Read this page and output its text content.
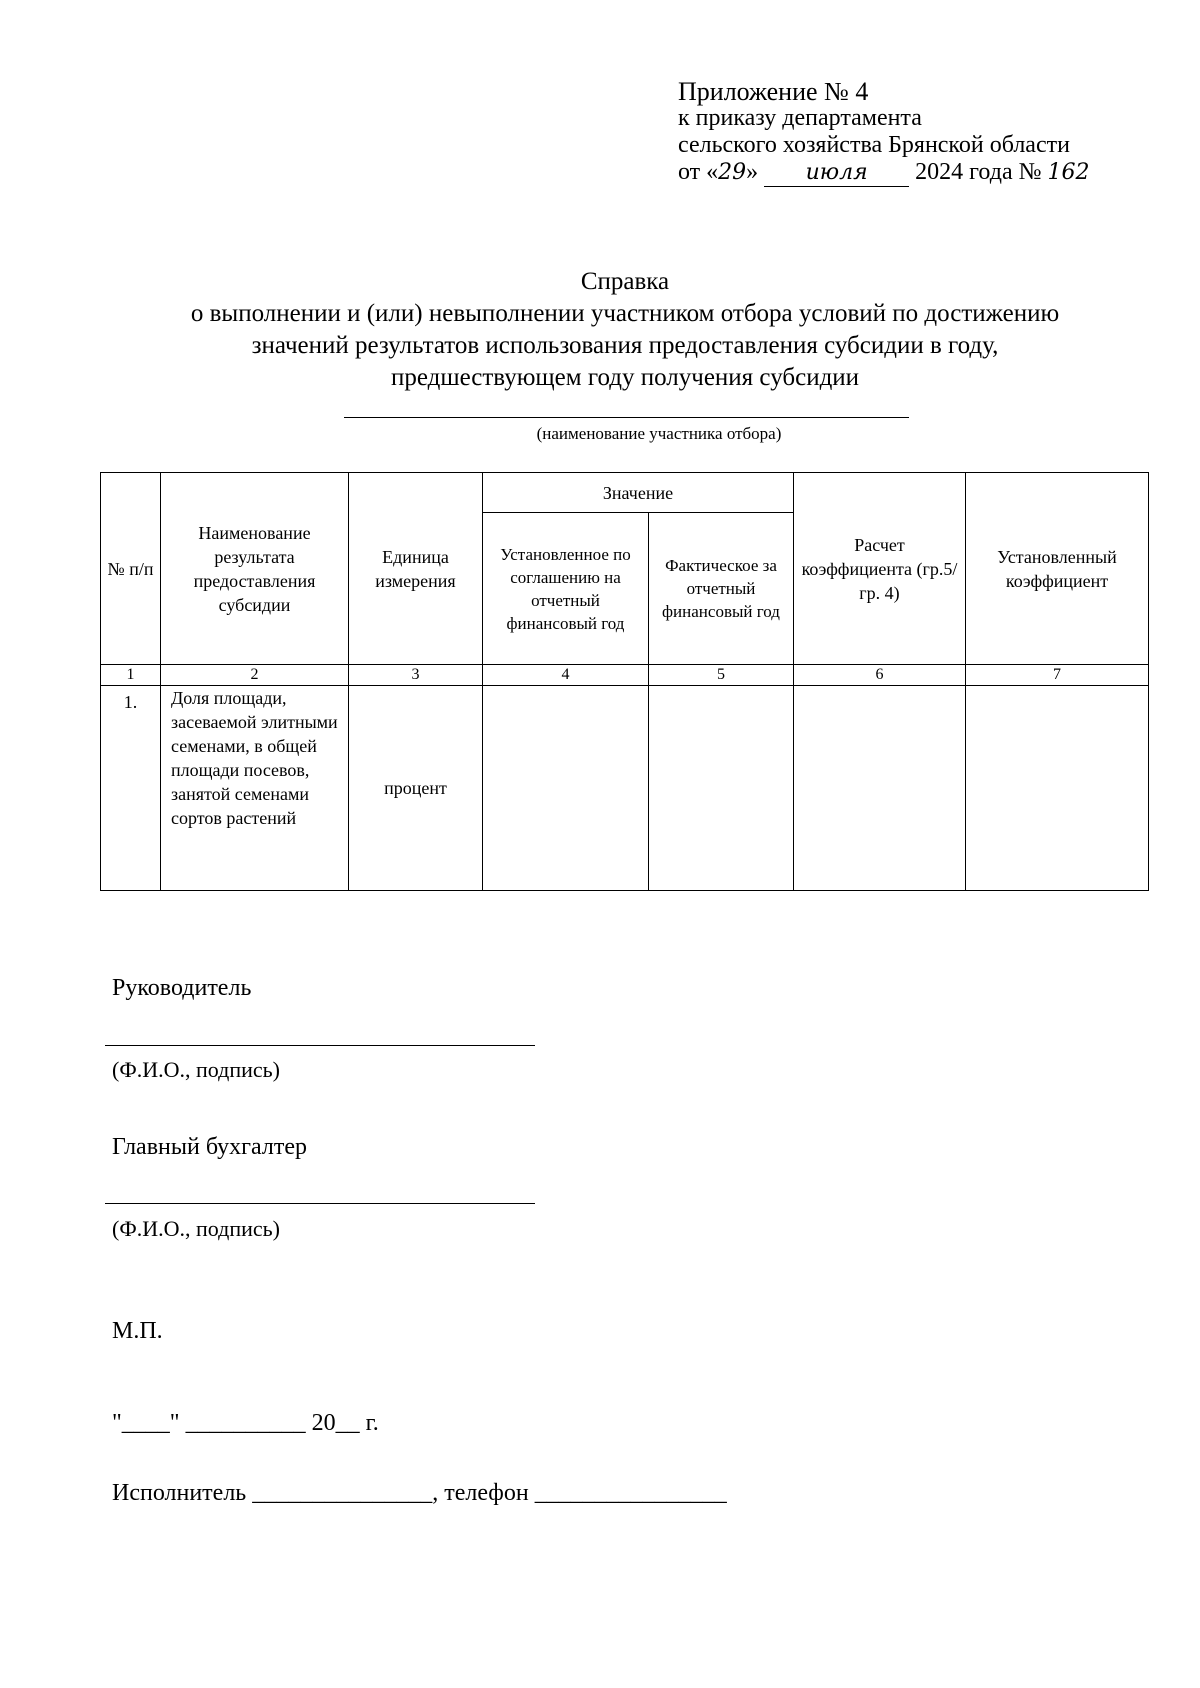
Приложение № 4
к приказу департамента
сельского хозяйства Брянской области
от «29» июля 2024 года № 162
Справка
о выполнении и (или) невыполнении участником отбора условий по достижению
значений результатов использования предоставления субсидии в году,
предшествующем году получения субсидии
(наименование участника отбора)
№ п/п	Наименование результата предоставления субсидии	Единица измерения	Значение		Расчет коэффициента (гр.5/гр. 4)	Установленный коэффициент
			Установленное по соглашению на отчетный финансовый год	Фактическое за отчетный финансовый год		
1	2	3	4	5	6	7
1.	Доля площади, засеваемой элитными семенами, в общей площади посевов, занятой семенами сортов растений	процент				
Руководитель
(Ф.И.О., подпись)
Главный бухгалтер
(Ф.И.О., подпись)
М.П.
"____" __________ 20__ г.
Исполнитель _______________, телефон ________________
